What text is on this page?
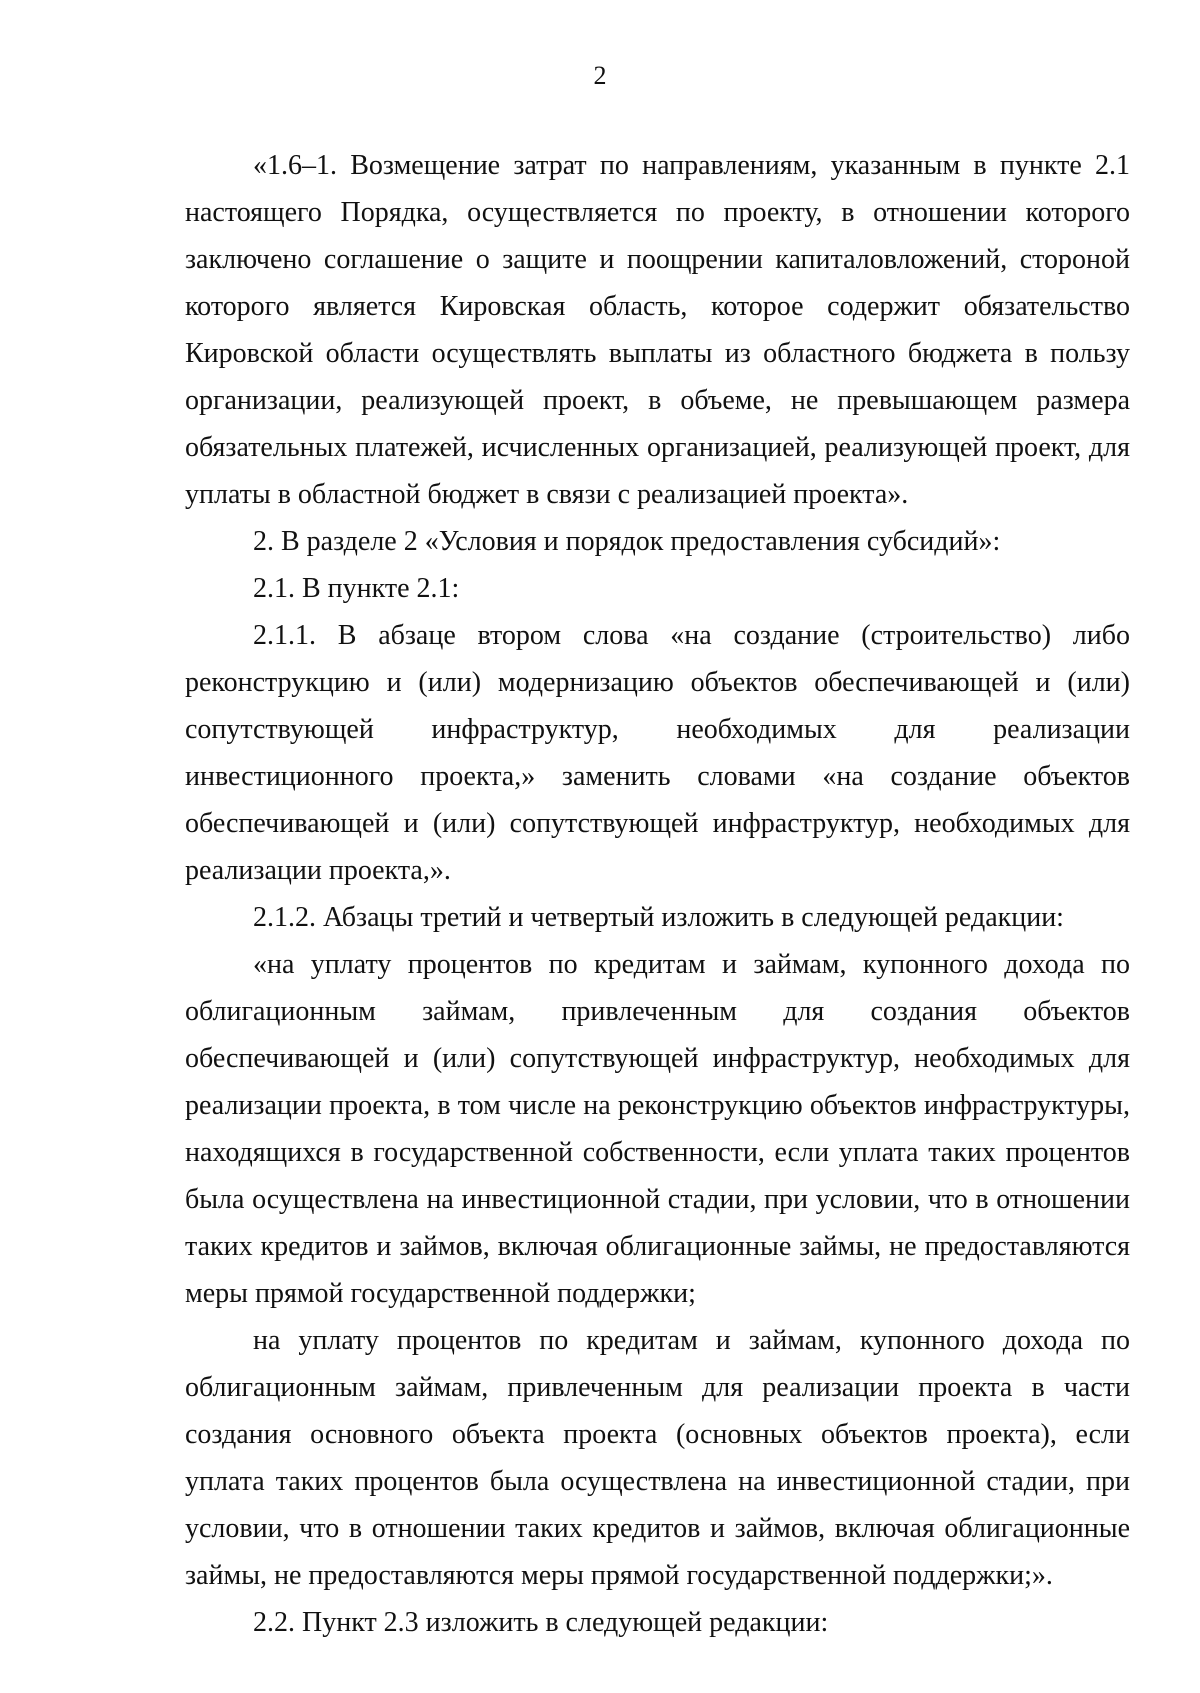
2

«1.6–1. Возмещение затрат по направлениям, указанным в пункте 2.1 настоящего Порядка, осуществляется по проекту, в отношении которого заключено соглашение о защите и поощрении капиталовложений, стороной которого является Кировская область, которое содержит обязательство Кировской области осуществлять выплаты из областного бюджета в пользу организации, реализующей проект, в объеме, не превышающем размера обязательных платежей, исчисленных организацией, реализующей проект, для уплаты в областной бюджет в связи с реализацией проекта».

2. В разделе 2 «Условия и порядок предоставления субсидий»:

2.1. В пункте 2.1:

2.1.1. В абзаце втором слова «на создание (строительство) либо реконструкцию и (или) модернизацию объектов обеспечивающей и (или) сопутствующей инфраструктур, необходимых для реализации инвестиционного проекта,» заменить словами «на создание объектов обеспечивающей и (или) сопутствующей инфраструктур, необходимых для реализации проекта,».

2.1.2. Абзацы третий и четвертый изложить в следующей редакции:

«на уплату процентов по кредитам и займам, купонного дохода по облигационным займам, привлеченным для создания объектов обеспечивающей и (или) сопутствующей инфраструктур, необходимых для реализации проекта, в том числе на реконструкцию объектов инфраструктуры, находящихся в государственной собственности, если уплата таких процентов была осуществлена на инвестиционной стадии, при условии, что в отношении таких кредитов и займов, включая облигационные займы, не предоставляются меры прямой государственной поддержки;

на уплату процентов по кредитам и займам, купонного дохода по облигационным займам, привлеченным для реализации проекта в части создания основного объекта проекта (основных объектов проекта), если уплата таких процентов была осуществлена на инвестиционной стадии, при условии, что в отношении таких кредитов и займов, включая облигационные займы, не предоставляются меры прямой государственной поддержки;».

2.2. Пункт 2.3 изложить в следующей редакции:
